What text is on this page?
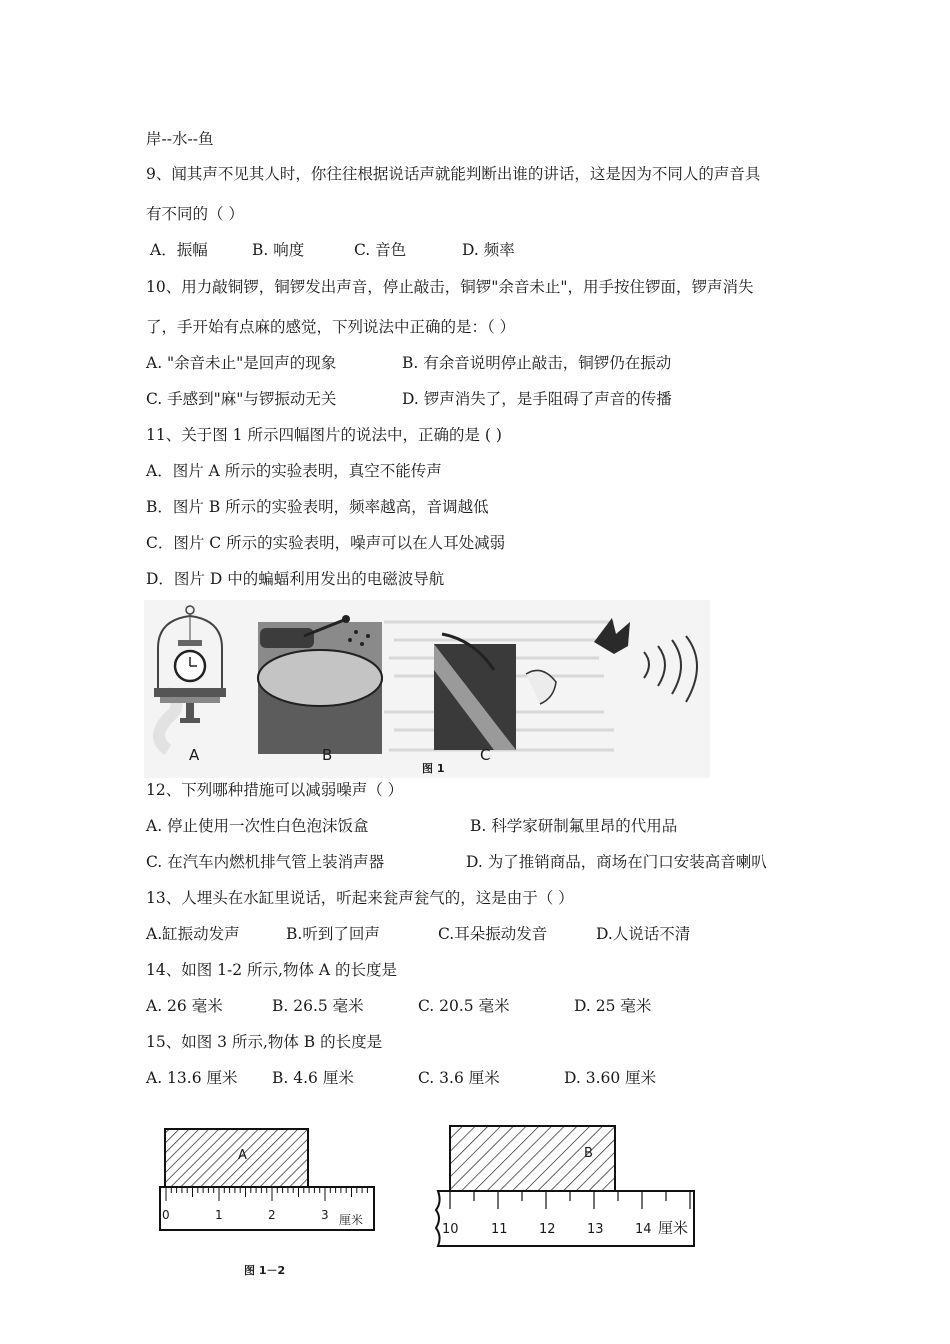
岸--水--鱼
9、闻其声不见其人时，你往往根据说话声就能判断出谁的讲话，这是因为不同人的声音具
有不同的（ ）
A．振幅	B. 响度	C. 音色	D. 频率
10、用力敲铜锣，铜锣发出声音，停止敲击，铜锣"余音未止"，用手按住锣面，锣声消失
了，手开始有点麻的感觉，下列说法中正确的是：（ ）
A. "余音未止"是回声的现象	B. 有余音说明停止敲击，铜锣仍在振动
C. 手感到"麻"与锣振动无关	D. 锣声消失了，是手阻碍了声音的传播
11、关于图 1 所示四幅图片的说法中，正确的是 ( )
A．图片 A 所示的实验表明，真空不能传声
B．图片 B 所示的实验表明，频率越高，音调越低
C．图片 C 所示的实验表明，噪声可以在人耳处减弱
D．图片 D 中的蝙蝠利用发出的电磁波导航
A	B	C
图 1
12、下列哪种措施可以减弱噪声（ ）
A. 停止使用一次性白色泡沫饭盒	B. 科学家研制氟里昂的代用品
C. 在汽车内燃机排气管上装消声器	D. 为了推销商品，商场在门口安装高音喇叭
13、人埋头在水缸里说话，听起来瓮声瓮气的，这是由于（ ）
A.缸振动发声	B.听到了回声	C.耳朵振动发音	D.人说话不清
14、如图 1-2 所示,物体 A 的长度是
A. 26 毫米	B. 26.5 毫米	C. 20.5 毫米	D. 25 毫米
15、如图 3 所示,物体 B 的长度是
A. 13.6 厘米 B. 4.6 厘米	C. 3.6 厘米	D. 3.60 厘米
A
0	1	2	3 厘米
图 1－2
B
10 11 12 13 14 厘米
